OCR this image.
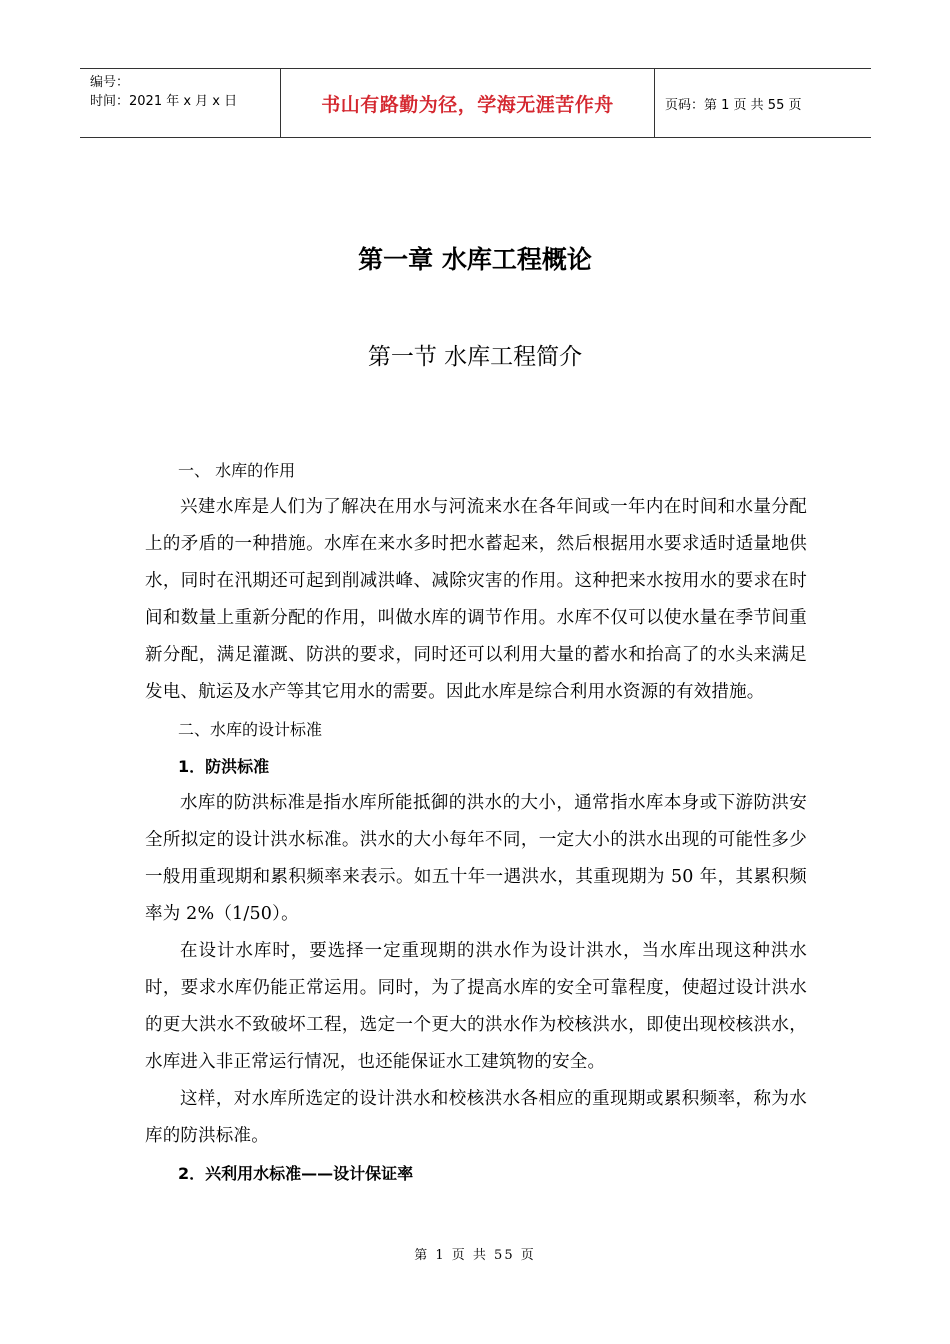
编号：
时间：2021 年 x 月 x 日	书山有路勤为径，学海无涯苦作舟	页码：第 1 页 共 55 页
第一章 水库工程概论
第一节 水库工程简介
一、 水库的作用

兴建水库是人们为了解决在用水与河流来水在各年间或一年内在时间和水量分配上的矛盾的一种措施。水库在来水多时把水蓄起来，然后根据用水要求适时适量地供水，同时在汛期还可起到削减洪峰、减除灾害的作用。这种把来水按用水的要求在时间和数量上重新分配的作用，叫做水库的调节作用。水库不仅可以使水量在季节间重新分配，满足灌溉、防洪的要求，同时还可以利用大量的蓄水和抬高了的水头来满足发电、航运及水产等其它用水的需要。因此水库是综合利用水资源的有效措施。

二、水库的设计标准
1．防洪标准

水库的防洪标准是指水库所能抵御的洪水的大小，通常指水库本身或下游防洪安全所拟定的设计洪水标准。洪水的大小每年不同，一定大小的洪水出现的可能性多少一般用重现期和累积频率来表示。如五十年一遇洪水，其重现期为 50 年，其累积频率为 2%（1/50）。

在设计水库时，要选择一定重现期的洪水作为设计洪水，当水库出现这种洪水时，要求水库仍能正常运用。同时，为了提高水库的安全可靠程度，使超过设计洪水的更大洪水不致破坏工程，选定一个更大的洪水作为校核洪水，即使出现校核洪水，水库进入非正常运行情况，也还能保证水工建筑物的安全。

这样，对水库所选定的设计洪水和校核洪水各相应的重现期或累积频率，称为水库的防洪标准。

2．兴利用水标准——设计保证率
第 1 页 共 55 页
